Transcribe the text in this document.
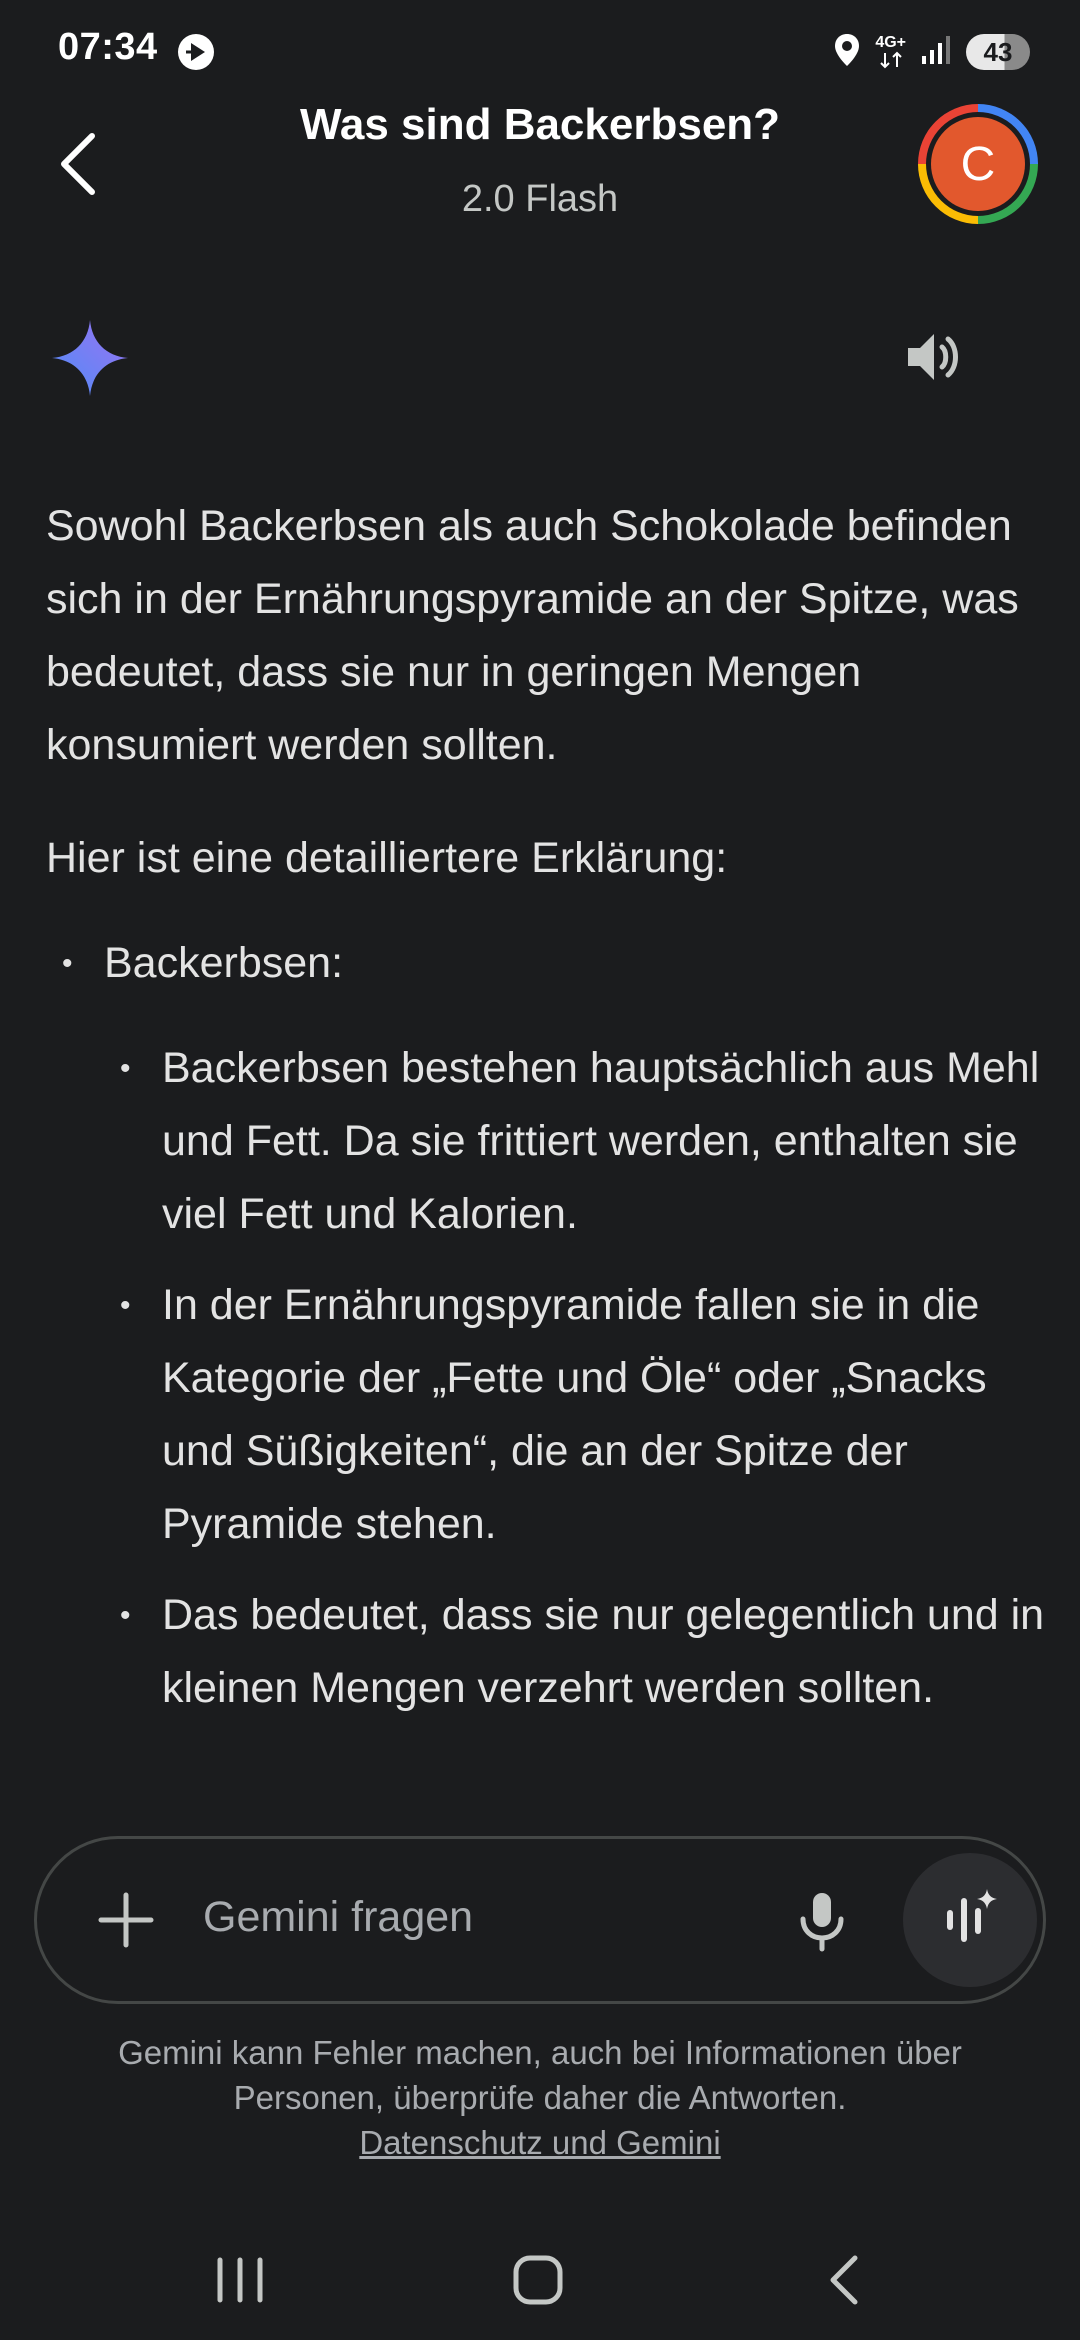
07:34	4G+	43
Was sind Backerbsen?
2.0 Flash
C

Sowohl Backerbsen als auch Schokolade befinden sich in der Ernährungspyramide an der Spitze, was bedeutet, dass sie nur in geringen Mengen konsumiert werden sollten.

Hier ist eine detailliertere Erklärung:

• Backerbsen:
• Backerbsen bestehen hauptsächlich aus Mehl und Fett. Da sie frittiert werden, enthalten sie viel Fett und Kalorien.
• In der Ernährungspyramide fallen sie in die Kategorie der „Fette und Öle“ oder „Snacks und Süßigkeiten“, die an der Spitze der Pyramide stehen.
• Das bedeutet, dass sie nur gelegentlich und in kleinen Mengen verzehrt werden sollten.
Gemini fragen
Gemini kann Fehler machen, auch bei Informationen über Personen, überprüfe daher die Antworten.
Datenschutz und Gemini
